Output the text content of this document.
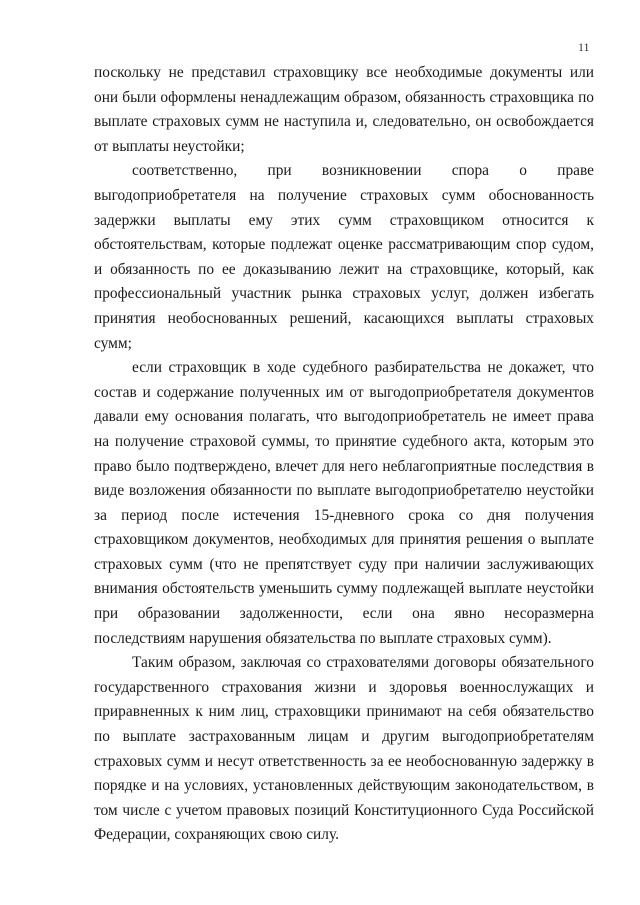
11

поскольку не представил страховщику все необходимые документы или они были оформлены ненадлежащим образом, обязанность страховщика по выплате страховых сумм не наступила и, следовательно, он освобождается от выплаты неустойки;

соответственно, при возникновении спора о праве выгодоприобретателя на получение страховых сумм обоснованность задержки выплаты ему этих сумм страховщиком относится к обстоятельствам, которые подлежат оценке рассматривающим спор судом, и обязанность по ее доказыванию лежит на страховщике, который, как профессиональный участник рынка страховых услуг, должен избегать принятия необоснованных решений, касающихся выплаты страховых сумм;

если страховщик в ходе судебного разбирательства не докажет, что состав и содержание полученных им от выгодоприобретателя документов давали ему основания полагать, что выгодоприобретатель не имеет права на получение страховой суммы, то принятие судебного акта, которым это право было подтверждено, влечет для него неблагоприятные последствия в виде возложения обязанности по выплате выгодоприобретателю неустойки за период после истечения 15-дневного срока со дня получения страховщиком документов, необходимых для принятия решения о выплате страховых сумм (что не препятствует суду при наличии заслуживающих внимания обстоятельств уменьшить сумму подлежащей выплате неустойки при образовании задолженности, если она явно несоразмерна последствиям нарушения обязательства по выплате страховых сумм).

Таким образом, заключая со страхователями договоры обязательного государственного страхования жизни и здоровья военнослужащих и приравненных к ним лиц, страховщики принимают на себя обязательство по выплате застрахованным лицам и другим выгодоприобретателям страховых сумм и несут ответственность за ее необоснованную задержку в порядке и на условиях, установленных действующим законодательством, в том числе с учетом правовых позиций Конституционного Суда Российской Федерации, сохраняющих свою силу.
